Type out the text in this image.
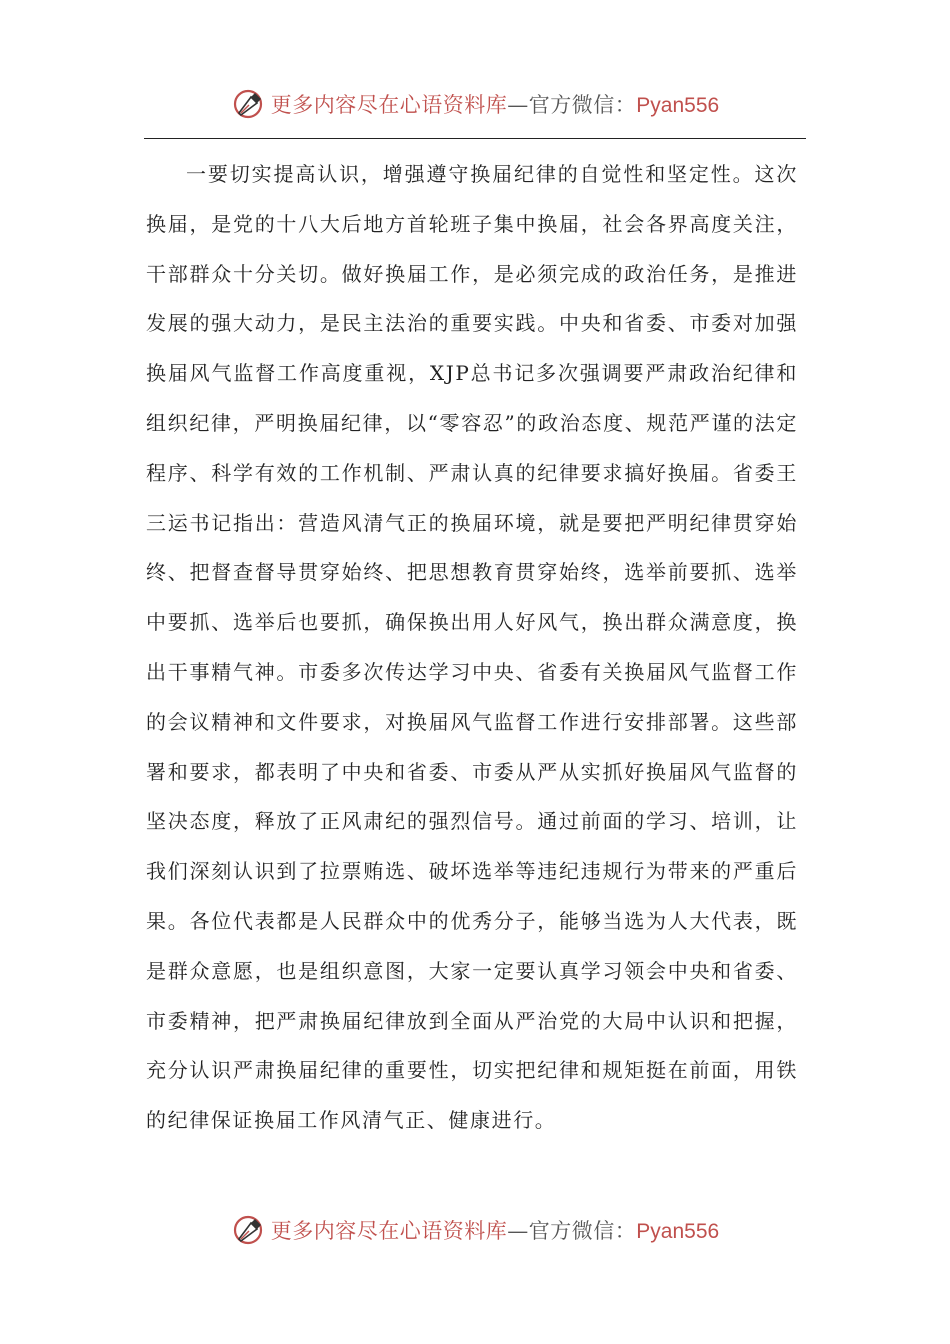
更多内容尽在心语资料库 —官方微信： Pyan556

一要切实提高认识，增强遵守换届纪律的自觉性和坚定性。这次换届，是党的十八大后地方首轮班子集中换届，社会各界高度关注，干部群众十分关切。做好换届工作，是必须完成的政治任务，是推进发展的强大动力，是民主法治的重要实践。中央和省委、市委对加强换届风气监督工作高度重视，XJP总书记多次强调要严肃政治纪律和组织纪律，严明换届纪律，以“零容忍”的政治态度、规范严谨的法定程序、科学有效的工作机制、严肃认真的纪律要求搞好换届。省委王三运书记指出：营造风清气正的换届环境，就是要把严明纪律贯穿始终、把督查督导贯穿始终、把思想教育贯穿始终，选举前要抓、选举中要抓、选举后也要抓，确保换出用人好风气，换出群众满意度，换出干事精气神。市委多次传达学习中央、省委有关换届风气监督工作的会议精神和文件要求，对换届风气监督工作进行安排部署。这些部署和要求，都表明了中央和省委、市委从严从实抓好换届风气监督的坚决态度，释放了正风肃纪的强烈信号。通过前面的学习、培训，让我们深刻认识到了拉票贿选、破坏选举等违纪违规行为带来的严重后果。各位代表都是人民群众中的优秀分子，能够当选为人大代表，既是群众意愿，也是组织意图，大家一定要认真学习领会中央和省委、市委精神，把严肃换届纪律放到全面从严治党的大局中认识和把握，充分认识严肃换届纪律的重要性，切实把纪律和规矩挺在前面，用铁的纪律保证换届工作风清气正、健康进行。

更多内容尽在心语资料库 —官方微信： Pyan556
